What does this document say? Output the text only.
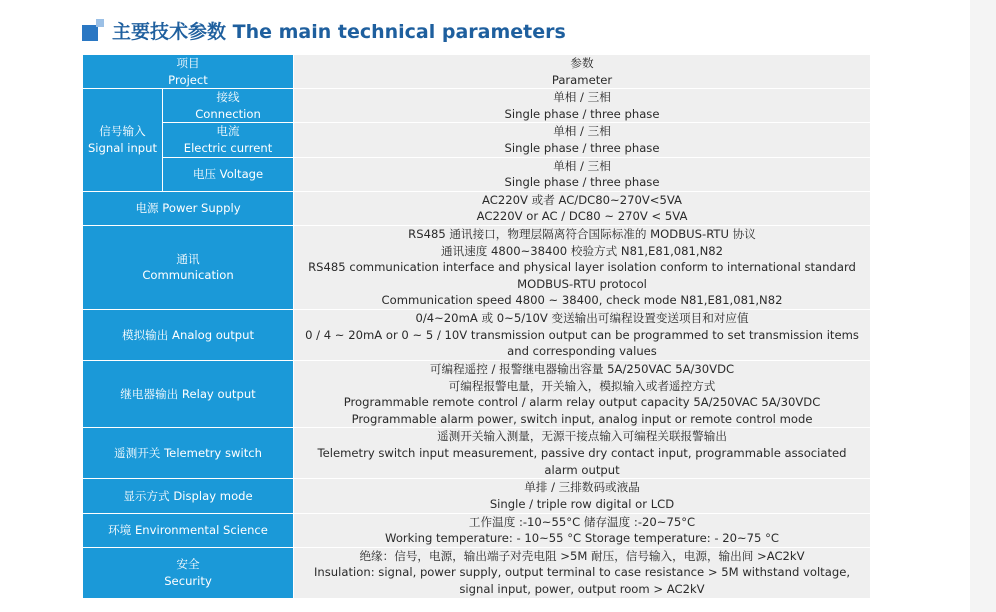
主要技术参数 The main technical parameters
项目
Project		参数
Parameter
信号输入
Signal input	接线
Connection	单相 / 三相
Single phase / three phase
	电流
Electric current	单相 / 三相
Single phase / three phase
	电压 Voltage	单相 / 三相
Single phase / three phase
电源 Power Supply		AC220V 或者 AC/DC80~270V<5VA
AC220V or AC / DC80 ~ 270V < 5VA
通讯
Communication		RS485 通讯接口，物理层隔离符合国际标准的 MODBUS-RTU 协议
通讯速度 4800~38400 校验方式 N81,E81,081,N82
RS485 communication interface and physical layer isolation conform to international standard
MODBUS-RTU protocol
Communication speed 4800 ~ 38400, check mode N81,E81,081,N82
模拟输出 Analog output		0/4~20mA 或 0~5/10V 变送输出可编程设置变送项目和对应值
0 / 4 ~ 20mA or 0 ~ 5 / 10V transmission output can be programmed to set transmission items
and corresponding values
继电器输出 Relay output		可编程遥控 / 报警继电器输出容量 5A/250VAC 5A/30VDC
可编程报警电量，开关输入，模拟输入或者遥控方式
Programmable remote control / alarm relay output capacity 5A/250VAC 5A/30VDC
Programmable alarm power, switch input, analog input or remote control mode
遥测开关 Telemetry switch		遥测开关输入测量，无源干接点输入可编程关联报警输出
Telemetry switch input measurement, passive dry contact input, programmable associated
alarm output
显示方式 Display mode		单排 / 三排数码或液晶
Single / triple row digital or LCD
环境 Environmental Science		工作温度 :-10~55°C 储存温度 :-20~75°C
Working temperature: - 10~55 °C Storage temperature: - 20~75 °C
安全
Security		绝缘：信号，电源，输出端子对壳电阻 >5M 耐压，信号输入，电源，输出间 >AC2kV
Insulation: signal, power supply, output terminal to case resistance > 5M withstand voltage,
signal input, power, output room > AC2kV
